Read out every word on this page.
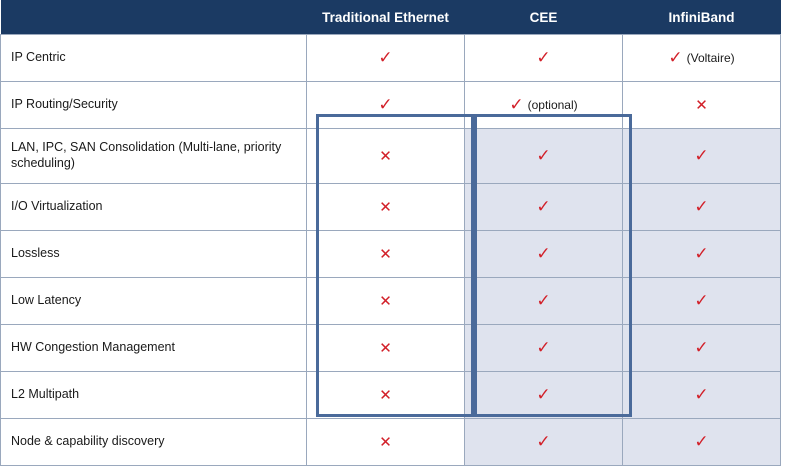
	Traditional Ethernet	CEE	InfiniBand
IP Centric	✓	✓	✓ (Voltaire)

IP Routing/Security	✓	✓ (optional)	✕

LAN, IPC, SAN Consolidation (Multi-lane, priority scheduling)	✕	✓	✓

I/O Virtualization	✕	✓	✓

Lossless	✕	✓	✓

Low Latency	✕	✓	✓

HW Congestion Management	✕	✓	✓

L2 Multipath	✕	✓	✓

Node & capability discovery	✕	✓	✓
